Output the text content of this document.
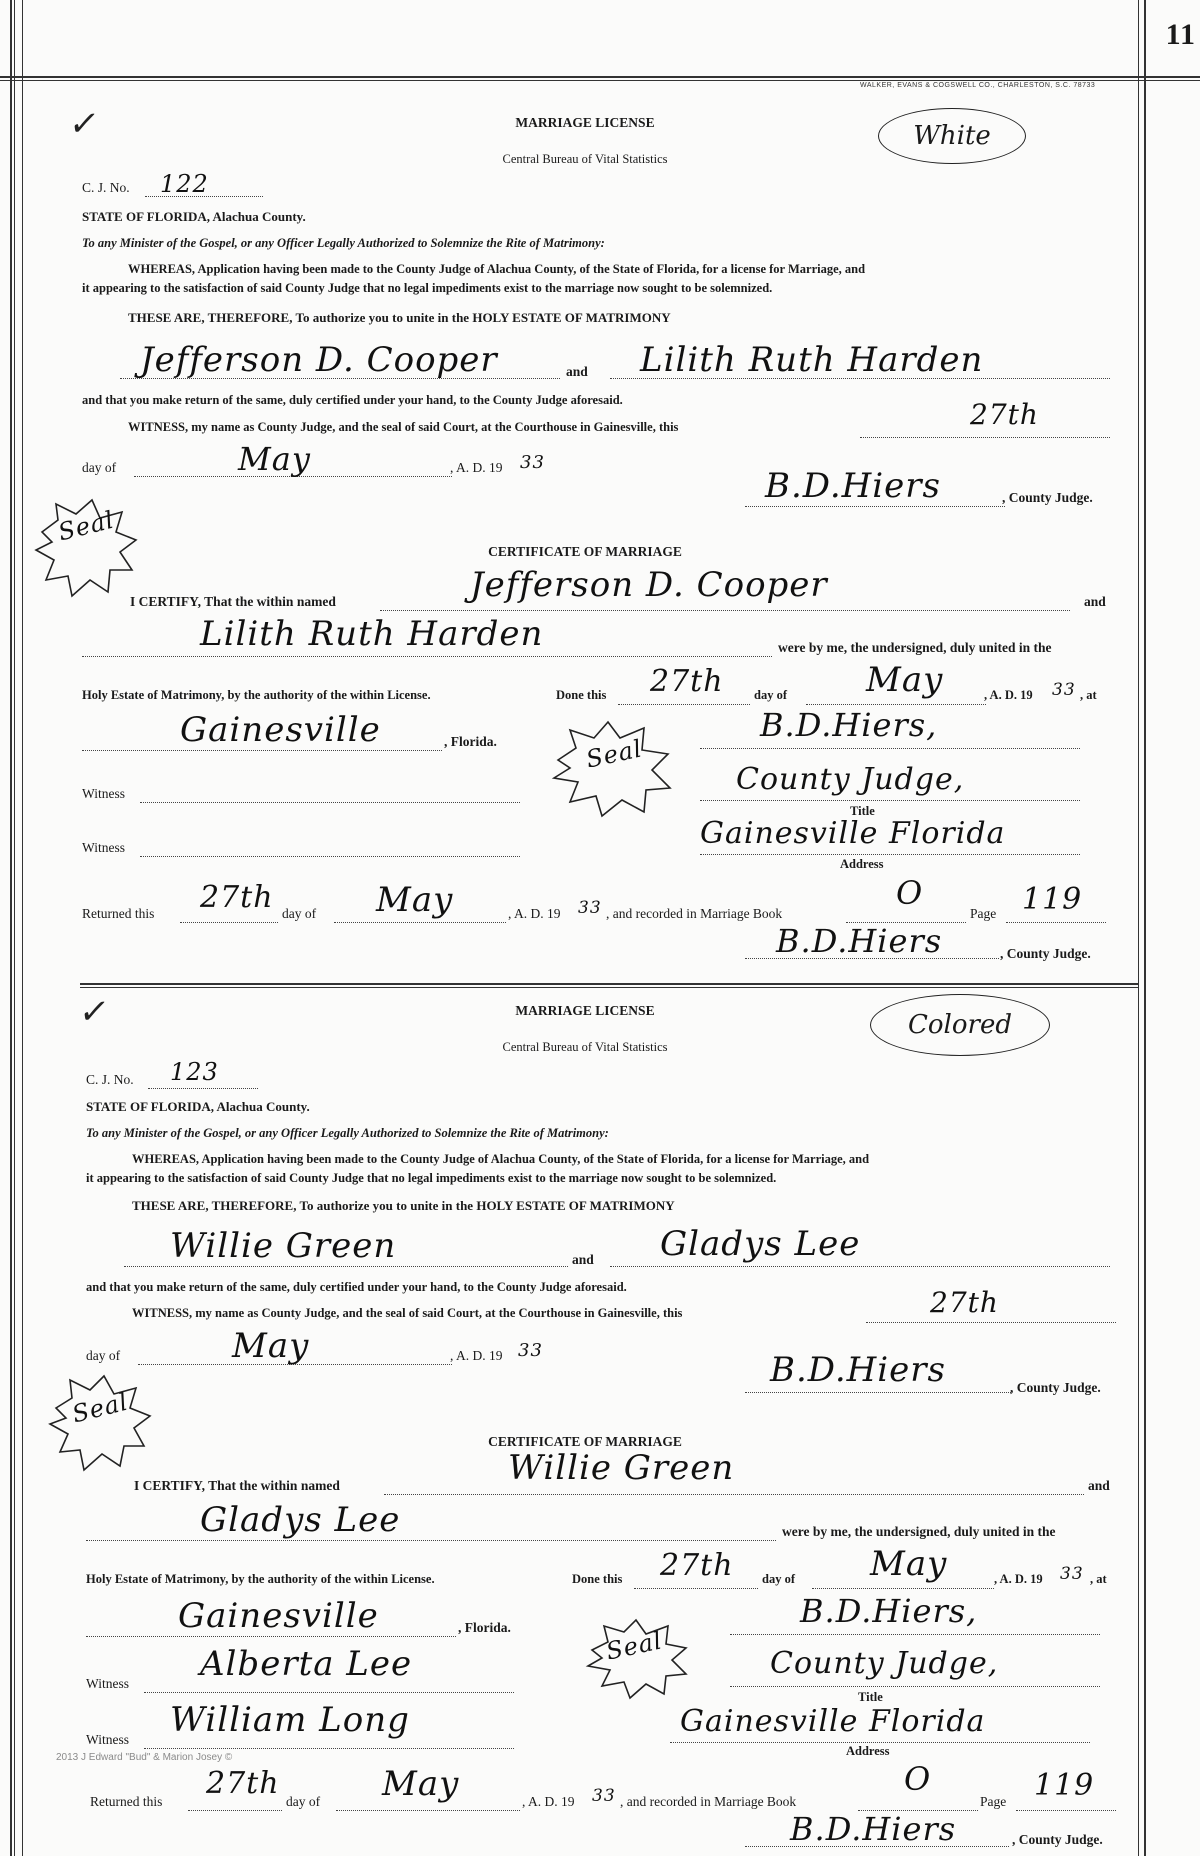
11
WALKER, EVANS & COGSWELL CO., CHARLESTON, S.C. 78733
✓	MARRIAGE LICENSE
Central Bureau of Vital Statistics
White
C. J. No. 122
STATE OF FLORIDA, Alachua County.
To any Minister of the Gospel, or any Officer Legally Authorized to Solemnize the Rite of Matrimony:
WHEREAS, Application having been made to the County Judge of Alachua County, of the State of Florida, for a license for Marriage, and
it appearing to the satisfaction of said County Judge that no legal impediments exist to the marriage now sought to be solemnized.
THESE ARE, THEREFORE, To authorize you to unite in the HOLY ESTATE OF MATRIMONY
Jefferson D. Cooper	and Lilith Ruth Harden
and that you make return of the same, duly certified under your hand, to the County Judge aforesaid.
WITNESS, my name as County Judge, and the seal of said Court, at the Courthouse in Gainesville, this	27th
day of	May	, A. D. 19 33
B.D.Hiers	, County Judge.
Seal
CERTIFICATE OF MARRIAGE
I CERTIFY, That the within named	Jefferson D. Cooper	and
Lilith Ruth Harden	were by me, the undersigned, duly united in the
Holy Estate of Matrimony, by the authority of the within License.	Done this 27th day of May	, A. D. 19 33 , at
Gainesville	, Florida.	B.D.Hiers,
Seal
Witness	County Judge,
Title
Witness	Gainesville Florida
Address
Returned this 27th day of May	, A. D. 19 33 , and recorded in Marriage Book
O
Page 119
B.D.Hiers	, County Judge.
✓	MARRIAGE LICENSE
Central Bureau of Vital Statistics
Colored
C. J. No. 123
STATE OF FLORIDA, Alachua County.
To any Minister of the Gospel, or any Officer Legally Authorized to Solemnize the Rite of Matrimony:
WHEREAS, Application having been made to the County Judge of Alachua County, of the State of Florida, for a license for Marriage, and
it appearing to the satisfaction of said County Judge that no legal impediments exist to the marriage now sought to be solemnized.
THESE ARE, THEREFORE, To authorize you to unite in the HOLY ESTATE OF MATRIMONY
Willie Green	and Gladys Lee
and that you make return of the same, duly certified under your hand, to the County Judge aforesaid.
WITNESS, my name as County Judge, and the seal of said Court, at the Courthouse in Gainesville, this	27th
day of	May	, A. D. 19 33	B.D.Hiers	, County Judge.
Seal
CERTIFICATE OF MARRIAGE
I CERTIFY, That the within named	Willie Green	and
Gladys Lee	were by me, the undersigned, duly united in the
Holy Estate of Matrimony, by the authority of the within License.	Done this 27th day of May	, A. D. 19 33 , at
Gainesville	, Florida.	B.D.Hiers,
Seal
Witness Alberta Lee	County Judge,
Title
Witness William Long	Gainesville Florida
Address
2013 J Edward "Bud" & Marion Josey ©
Returned this
27th
day of May	, A. D. 19 33 , and recorded in Marriage Book
O
Page 119
B.D.Hiers	, County Judge.
